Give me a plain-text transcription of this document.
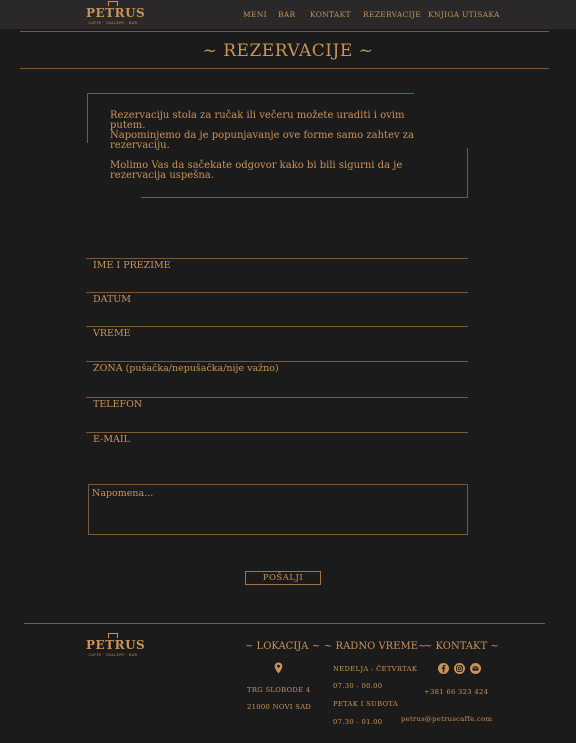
PETRUS
CAFFE · GALLERY · BAR
MENI BAR KONTAKT REZERVACIJE KNJIGA UTISAKA
~ REZERVACIJE ~
Rezervaciju stola za ručak ili večeru možete uraditi i ovim putem.
Napominjemo da je popunjavanje ove forme samo zahtev za rezervaciju.
Molimo Vas da sačekate odgovor kako bi bili sigurni da je rezervacija uspešna.
IME I PREZIME
DATUM
VREME
ZONA (pušačka/nepušačka/nije važno)
TELEFON
E-MAIL
Napomena...
POŠALJI
PETRUS
CAFFE · GALLERY · BAR
~ LOKACIJA ~
TRG SLOBODE 4
21000 NOVI SAD
~ RADNO VREME~
NEDELJA - ČETVRTAK
07.30 - 00.00
PETAK I SUBOTA
07.30 - 01.00
~ KONTAKT ~
+381 66 323 424
petrus@petruscaffe.com
